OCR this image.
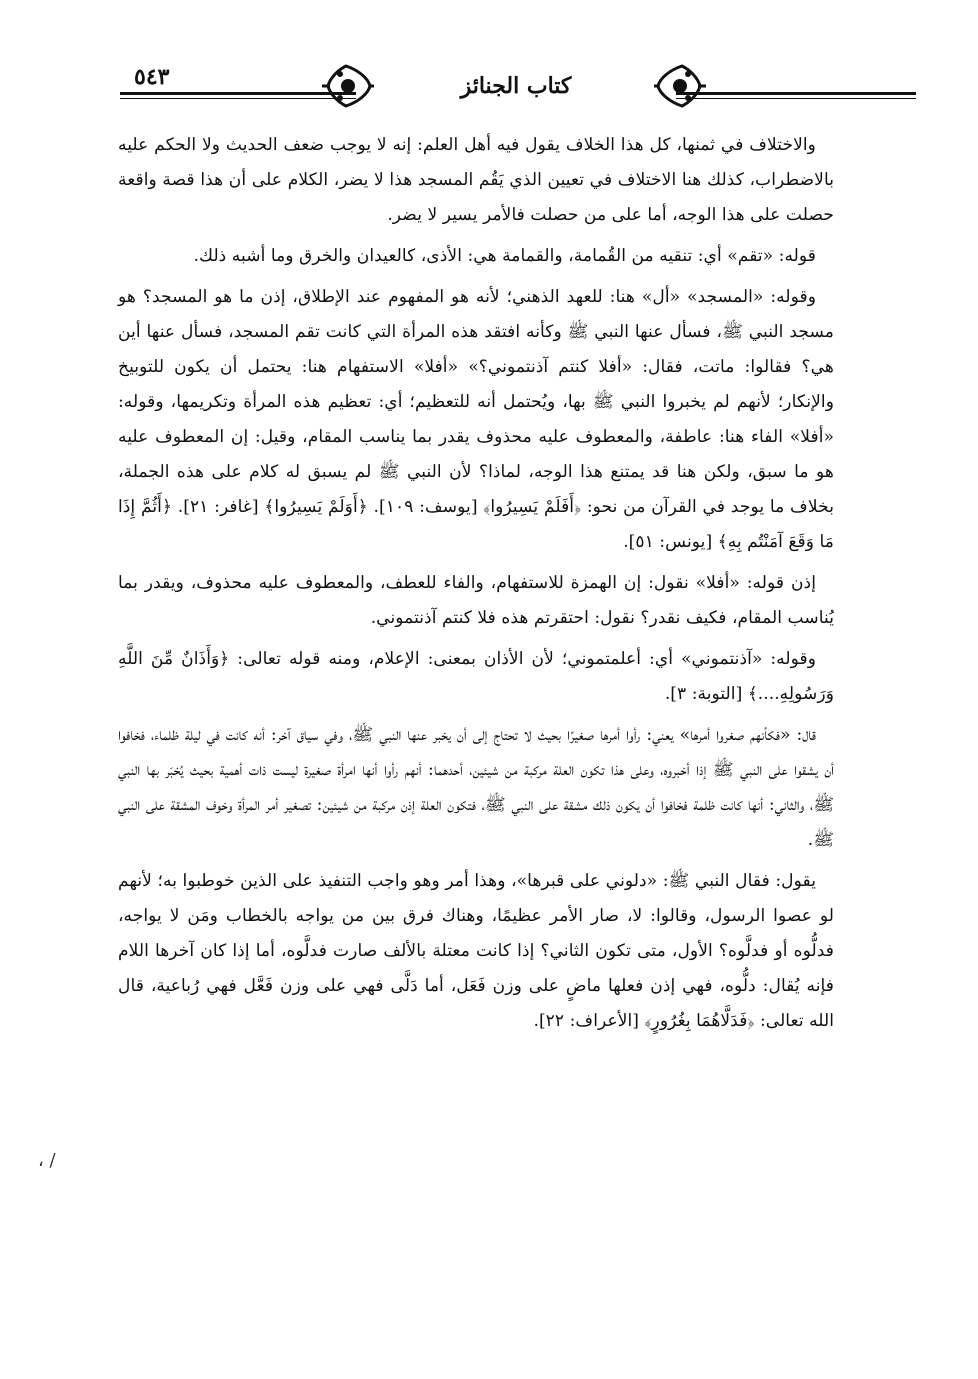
٥٤٣	كتاب الجنائز

والاختلاف في ثمنها، كل هذا الخلاف يقول فيه أهل العلم: إنه لا يوجب ضعف الحديث ولا الحكم عليه بالاضطراب، كذلك هنا الاختلاف في تعيين الذي يَقُم المسجد هذا لا يضر، الكلام على أن هذا قصة واقعة حصلت على هذا الوجه، أما على من حصلت فالأمر يسير لا يضر.

قوله: «تقم» أي: تنقيه من القُمامة، والقمامة هي: الأذى، كالعيدان والخرق وما أشبه ذلك.

وقوله: «المسجد» «أل» هنا: للعهد الذهني؛ لأنه هو المفهوم عند الإطلاق، إذن ما هو المسجد؟ هو مسجد النبي ﷺ، فسأل عنها النبي ﷺ وكأنه افتقد هذه المرأة التي كانت تقم المسجد، فسأل عنها أين هي؟ فقالوا: ماتت، فقال: «أفلا كنتم آذنتموني؟» «أفلا» الاستفهام هنا: يحتمل أن يكون للتوبيخ والإنكار؛ لأنهم لم يخبروا النبي ﷺ بها، ويُحتمل أنه للتعظيم؛ أي: تعظيم هذه المرأة وتكريمها، وقوله: «أفلا» الفاء هنا: عاطفة، والمعطوف عليه محذوف يقدر بما يناسب المقام، وقيل: إن المعطوف عليه هو ما سبق، ولكن هنا قد يمتنع هذا الوجه، لماذا؟ لأن النبي ﷺ لم يسبق له كلام على هذه الجملة، بخلاف ما يوجد في القرآن من نحو: ﴿أَفَلَمْ يَسِيرُوا﴾ [يوسف: ١٠٩]. ﴿أَوَلَمْ يَسِيرُوا﴾ [غافر: ٢١]. ﴿أَثُمَّ إِذَا مَا وَقَعَ آمَنْتُم بِهِ﴾ [يونس: ٥١].

إذن قوله: «أفلا» نقول: إن الهمزة للاستفهام، والفاء للعطف، والمعطوف عليه محذوف، ويقدر بما يُناسب المقام، فكيف نقدر؟ نقول: احتقرتم هذه فلا كنتم آذنتموني.

وقوله: «آذنتموني» أي: أعلمتموني؛ لأن الأذان بمعنى: الإعلام، ومنه قوله تعالى: ﴿وَأَذَانٌ مِّنَ اللَّهِ وَرَسُولِهِ....﴾ [التوبة: ٣].

قال: «فكأنهم صغروا أمرها» يعني: رأوا أمرها صغيرًا بحيث لا تحتاج إلى أن يخبر عنها النبي ﷺ، وفي سياق آخر: أنه كانت في ليلة ظلماء، فخافوا أن يشقوا على النبي ﷺ إذا أخبروه، وعلى هذا تكون العلة مركبة من شيئين، أحدهما: أنهم رأوا أنها امرأة صغيرة ليست ذات أهمية بحيث يُخبَر بها النبي ﷺ، والثاني: أنها كانت ظلمة فخافوا أن يكون ذلك مشقة على النبي ﷺ، فتكون العلة إذن مركبة من شيئين: تصغير أمر المرأة وخوف المشقة على النبي ﷺ.

يقول: فقال النبي ﷺ: «دلوني على قبرها»، وهذا أمر وهو واجب التنفيذ على الذين خوطبوا به؛ لأنهم لو عصوا الرسول، وقالوا: لا، صار الأمر عظيمًا، وهناك فرق بين من يواجه بالخطاب ومَن لا يواجه، فدلُّوه أو فدلَّوه؟ الأول، متى تكون الثاني؟ إذا كانت معتلة بالألف صارت فدلَّوه، أما إذا كان آخرها اللام فإنه يُقال: دلُّوه، فهي إذن فعلها ماضٍ على وزن فَعَل، أما دَلَّى فهي على وزن فَعَّل فهي رُباعية، قال الله تعالى: ﴿فَدَلَّاهُمَا بِغُرُورٍ﴾ [الأعراف: ٢٢].

، /
